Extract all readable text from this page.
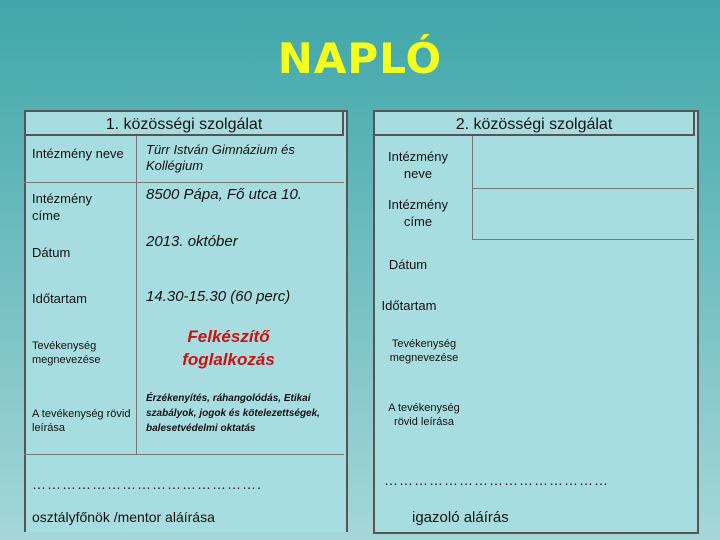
NAPLÓ
1. közösségi szolgálat
Intézmény neve	Türr István Gimnázium és Kollégium
Intézmény címe
8500 Pápa, Fő utca 10.
Dátum
2013. október
Időtartam	14.30-15.30 (60 perc)
Tevékenység megnevezése
Felkészítő foglalkozás
A tevékenység rövid leírása
Érzékenyítés, ráhangolódás, Etikai szabályok, jogok és kötelezettségek, balesetvédelmi oktatás
……………………………………….
osztályfőnök /mentor aláírása
2. közösségi szolgálat
Intézmény neve
Intézmény címe
Dátum
Időtartam
Tevékenység megnevezése
A tevékenység rövid leírása
………………………………………
igazoló aláírás
